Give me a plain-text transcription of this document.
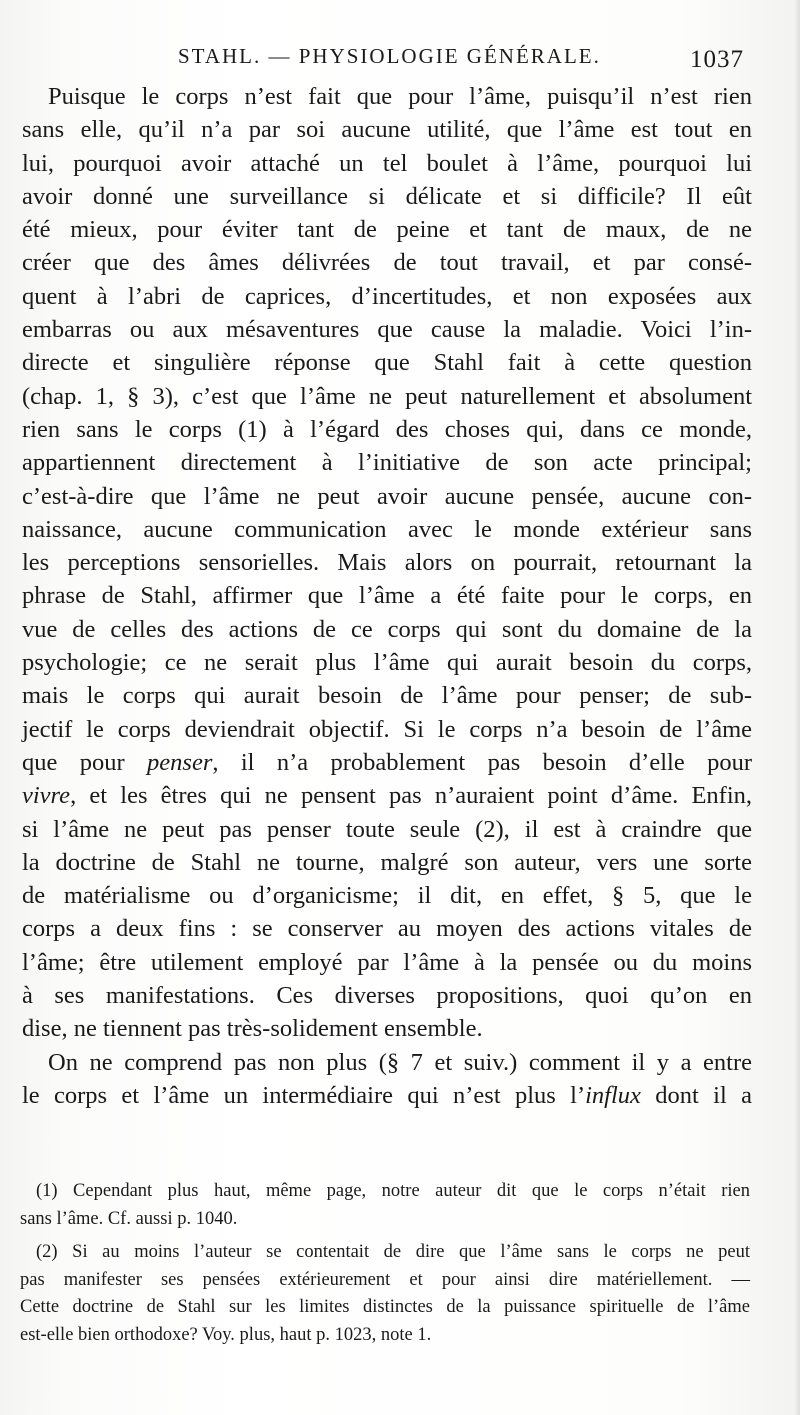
STAHL. — PHYSIOLOGIE GÉNÉRALE.	1037
Puisque le corps n’est fait que pour l’âme, puisqu’il n’est rien
sans elle, qu’il n’a par soi aucune utilité, que l’âme est tout en
lui, pourquoi avoir attaché un tel boulet à l’âme, pourquoi lui
avoir donné une surveillance si délicate et si difficile? Il eût
été mieux, pour éviter tant de peine et tant de maux, de ne
créer que des âmes délivrées de tout travail, et par consé-
quent à l’abri de caprices, d’incertitudes, et non exposées aux
embarras ou aux mésaventures que cause la maladie. Voici l’in-
directe et singulière réponse que Stahl fait à cette question
(chap. 1, § 3), c’est que l’âme ne peut naturellement et absolument
rien sans le corps (1) à l’égard des choses qui, dans ce monde,
appartiennent directement à l’initiative de son acte principal;
c’est-à-dire que l’âme ne peut avoir aucune pensée, aucune con-
naissance, aucune communication avec le monde extérieur sans
les perceptions sensorielles. Mais alors on pourrait, retournant la
phrase de Stahl, affirmer que l’âme a été faite pour le corps, en
vue de celles des actions de ce corps qui sont du domaine de la
psychologie; ce ne serait plus l’âme qui aurait besoin du corps,
mais le corps qui aurait besoin de l’âme pour penser; de sub-
jectif le corps deviendrait objectif. Si le corps n’a besoin de l’âme
que pour penser, il n’a probablement pas besoin d’elle pour
vivre, et les êtres qui ne pensent pas n’auraient point d’âme. Enfin,
si l’âme ne peut pas penser toute seule (2), il est à craindre que
la doctrine de Stahl ne tourne, malgré son auteur, vers une sorte
de matérialisme ou d’organicisme; il dit, en effet, § 5, que le
corps a deux fins : se conserver au moyen des actions vitales de
l’âme; être utilement employé par l’âme à la pensée ou du moins
à ses manifestations. Ces diverses propositions, quoi qu’on en
dise, ne tiennent pas très-solidement ensemble.
On ne comprend pas non plus (§ 7 et suiv.) comment il y a entre
le corps et l’âme un intermédiaire qui n’est plus l’influx dont il a
(1) Cependant plus haut, même page, notre auteur dit que le corps n’était rien
sans l’âme. Cf. aussi p. 1040.
(2) Si au moins l’auteur se contentait de dire que l’âme sans le corps ne peut
pas manifester ses pensées extérieurement et pour ainsi dire matériellement. —
Cette doctrine de Stahl sur les limites distinctes de la puissance spirituelle de l’âme
est-elle bien orthodoxe? Voy. plus, haut p. 1023, note 1.
